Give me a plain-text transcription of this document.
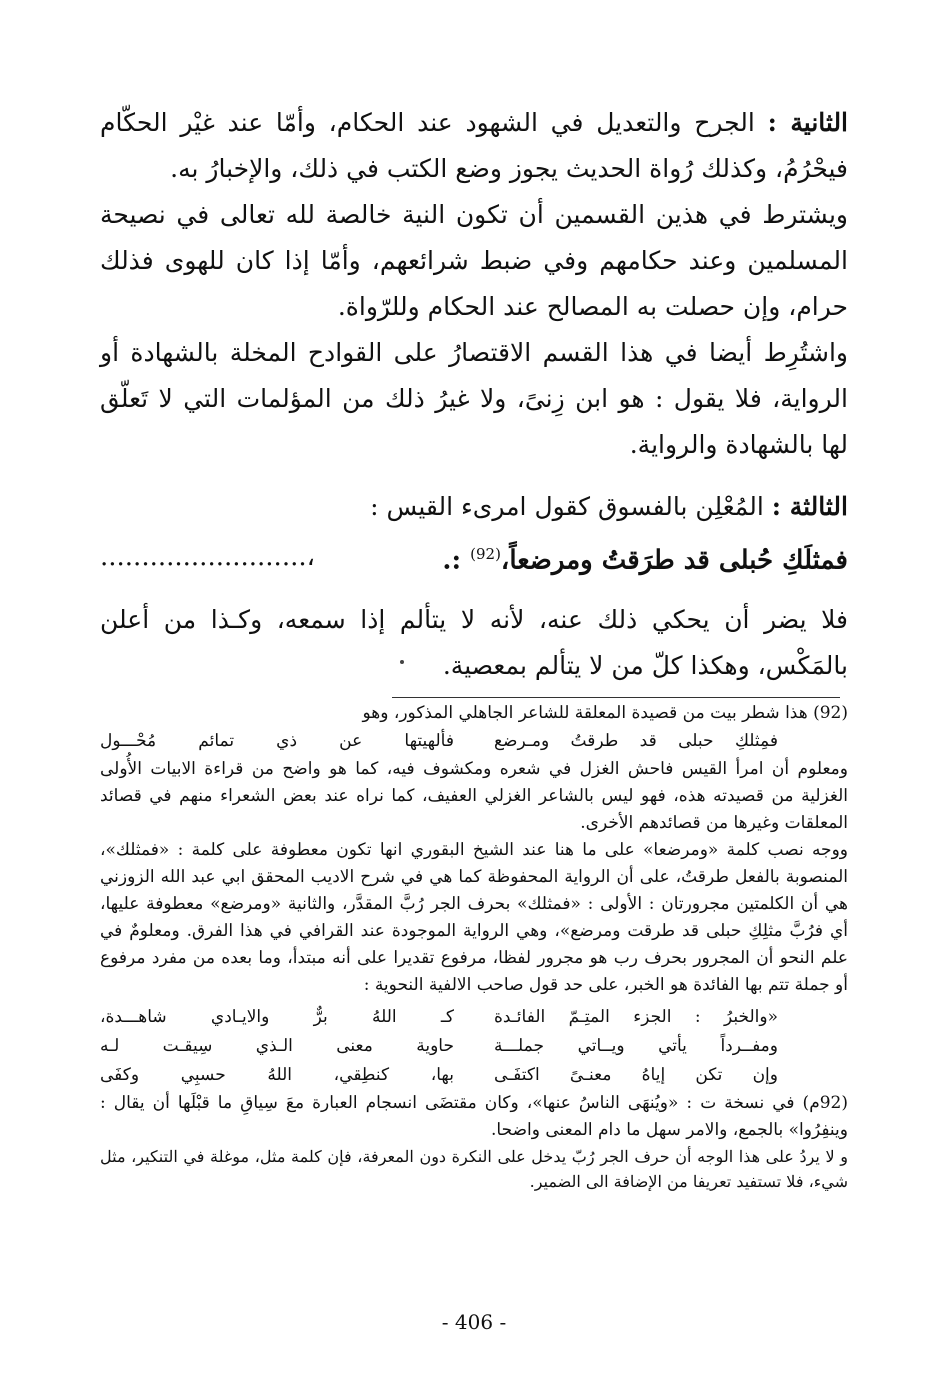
الثانية : الجرح والتعديل في الشهود عند الحكام، وأمّا عند غيْر الحكّام فيحْرُمُ، وكذلك رُواة الحديث يجوز وضع الكتب في ذلك، والإخبارُ به.

ويشترط في هذين القسمين أن تكون النية خالصة لله تعالى في نصيحة المسلمين وعند حكامهم وفي ضبط شرائعهم، وأمّا إذا كان للهوى فذلك حرام، وإن حصلت به المصالح عند الحكام وللرّواة.

واشتُرِط أيضا في هذا القسم الاقتصارُ على القوادح المخلة بالشهادة أو الرواية، فلا يقول : هو ابن زِنىً، ولا غيرُ ذلك من المؤلمات التي لا تَعلّق لها بالشهادة والرواية.

الثالثة : المُعْلِن بالفسوق كقول امرىء القيس :

فمثلَكِ حُبلى قد طرَقتُ ومرضعاً،$^{(92)}$ :.
،.........................

فلا يضر أن يحكي ذلك عنه، لأنه لا يتألم إذا سمعه، وكـذا من أعلن بالمَكْس، وهكذا كلّ من لا يتألم بمعصية.

(92) هذا شطر بيت من قصيدة المعلقة للشاعر الجاهلي المذكور، وهو

فمِثلكِ حبلى قد طرقتُ ومـرضع
فألهيتها عن ذي تمائم مُحْـــول

ومعلوم أن امرأ القيس فاحش الغزل في شعره ومكشوف فيه، كما هو واضح من قراءة الابيات الأُولى الغزلية من قصيدته هذه، فهو ليس بالشاعر الغزلي العفيف، كما نراه عند بعض الشعراء منهم في قصائد المعلقات وغيرها من قصائدهم الأخرى.

ووجه نصب كلمة «ومرضعا» على ما هنا عند الشيخ البقوري انها تكون معطوفة على كلمة : «فمثلك»، المنصوبة بالفعل طرقتُ، على أن الرواية المحفوظة كما هي في شرح الاديب المحقق ابي عبد الله الزوزني هي أن الكلمتين مجرورتان : الأولى : «فمثلك» بحرف الجر رُبَّ المقدَّر، والثانية «ومرضع» معطوفة عليها، أي فرُبَّ مثلِكِ حبلى قد طرقت ومرضع»، وهي الرواية الموجودة عند القرافي في هذا الفرق. ومعلومٌ في علم النحو أن المجرور بحرف رب هو مجرور لفظا، مرفوع تقديرا على أنه مبتدأ، وما بعده من مفرد مرفوع أو جملة تتم بها الفائدة هو الخبر، على حد قول صاحب الالفية النحوية :

«والخبرُ : الجزء المتِـمّ الفائـدة
كـ اللهُ برٌّ والايـادي شاهـــدة،
ومفــرداً يأتي ويــاتي جملـــة
حاوية معنى الـذي سِيقـت لـه
وإن تكن إياهُ معنـىً اكتفَـى
بها، كنطِقي، اللهُ حسبِي وكفَى

(92م) في نسخة ت : «ويُنهَى الناسُ عنها»، وكان مقتضَى انسجام العبارة معَ سِياقِ ما قبْلَها أن يقال : وينفِرُوا» بالجمع، والامر سهل ما دام المعنى واضحا.

و لا يردُ على هذا الوجه أن حرف الجر رُبّ يدخل على النكرة دون المعرفة، فإن كلمة مثل، موغلة في التنكير، مثل شيء، فلا تستفيد تعريفا من الإضافة الى الضمير.

- 406 -
